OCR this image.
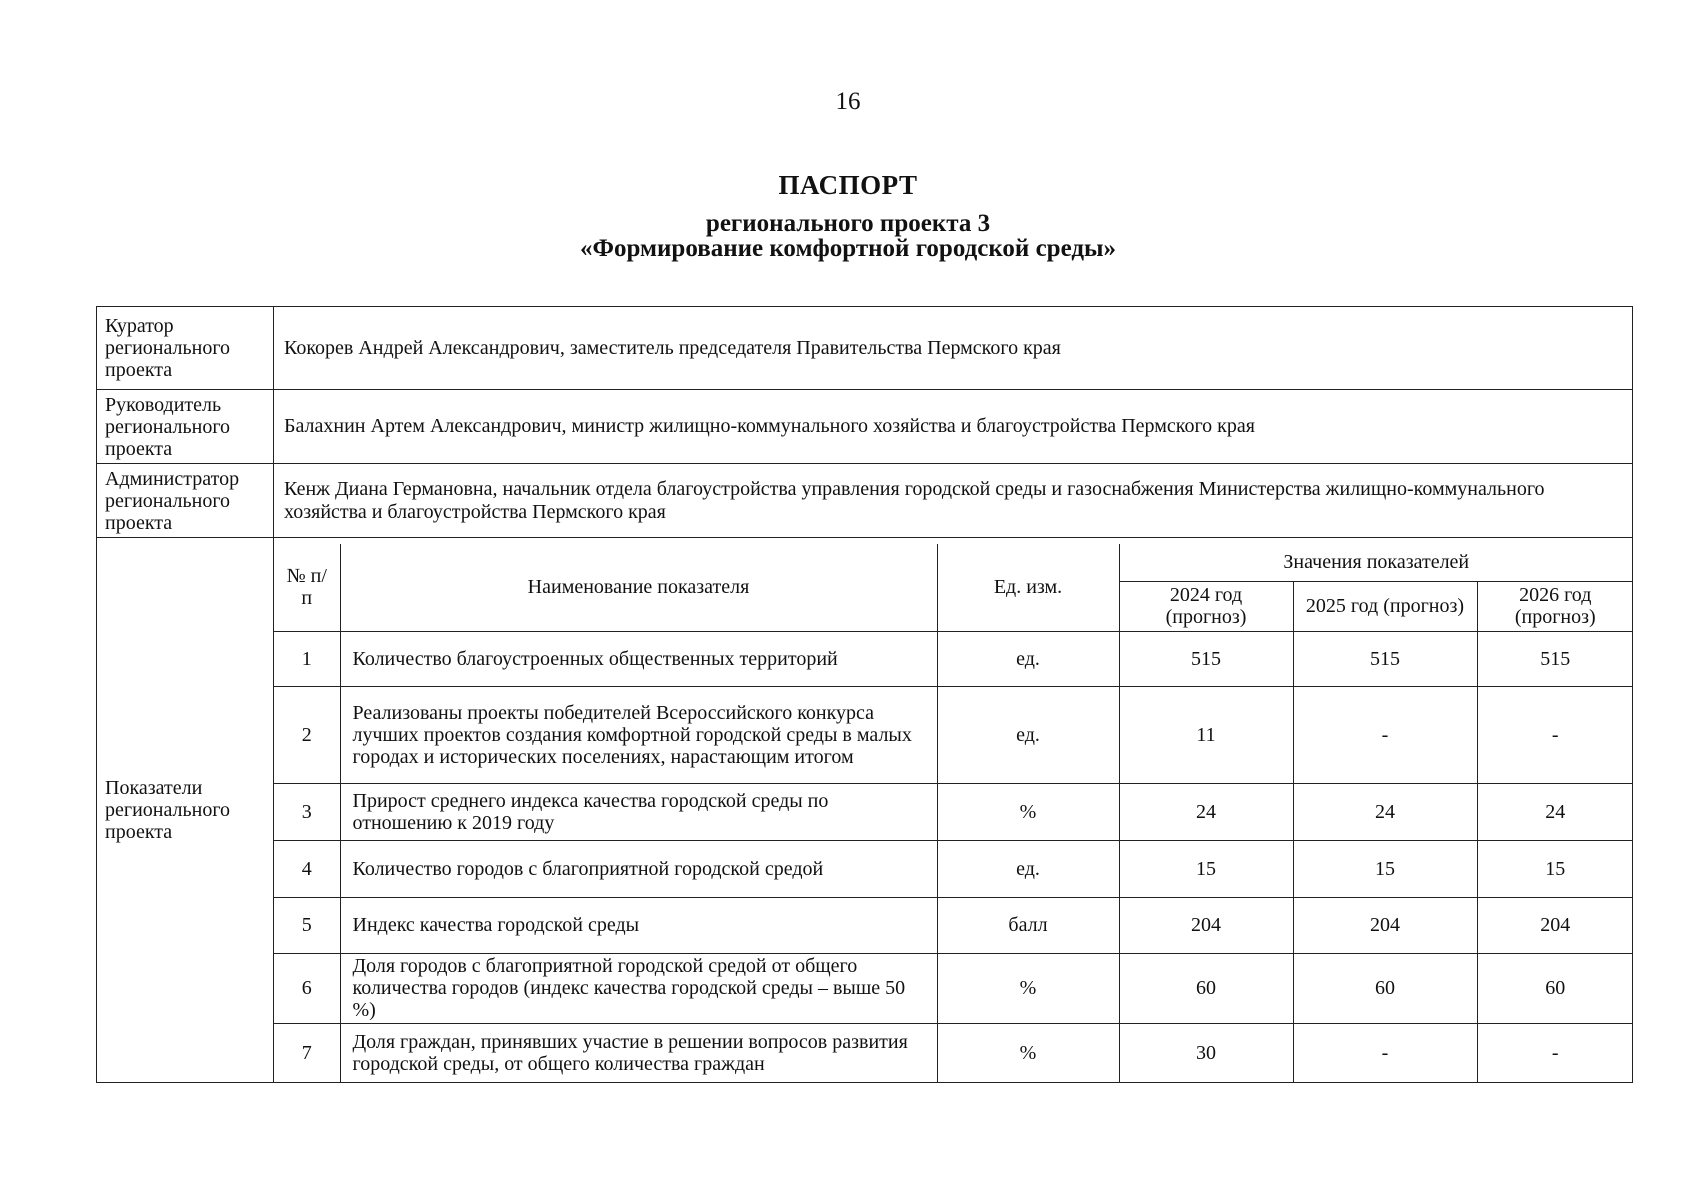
16
ПАСПОРТ
регионального проекта 3
«Формирование комфортной городской среды»
Куратор регионального проекта	Кокорев Андрей Александрович, заместитель председателя Правительства Пермского края
Руководитель регионального проекта	Балахнин Артем Александрович, министр жилищно-коммунального хозяйства и благоустройства Пермского края
Администратор регионального проекта	Кенж Диана Германовна, начальник отдела благоустройства управления городской среды и газоснабжения Министерства жилищно-коммунального хозяйства и благоустройства Пермского края
Показатели регионального проекта	
№ п/п	Наименование показателя	Ед. изм.	Значения показателей
2024 год (прогноз)	2025 год (прогноз)	2026 год (прогноз)
1	Количество благоустроенных общественных территорий	ед.	515	515	515
2	Реализованы проекты победителей Всероссийского конкурса лучших проектов создания комфортной городской среды в малых городах и исторических поселениях, нарастающим итогом	ед.	11	-	-
3	Прирост среднего индекса качества городской среды по отношению к 2019 году	%	24	24	24
4	Количество городов с благоприятной городской средой	ед.	15	15	15
5	Индекс качества городской среды	балл	204	204	204
6	Доля городов с благоприятной городской средой от общего количества городов (индекс качества городской среды – выше 50 %)	%	60	60	60
7	Доля граждан, принявших участие в решении вопросов развития городской среды, от общего количества граждан	%	30	-	-
